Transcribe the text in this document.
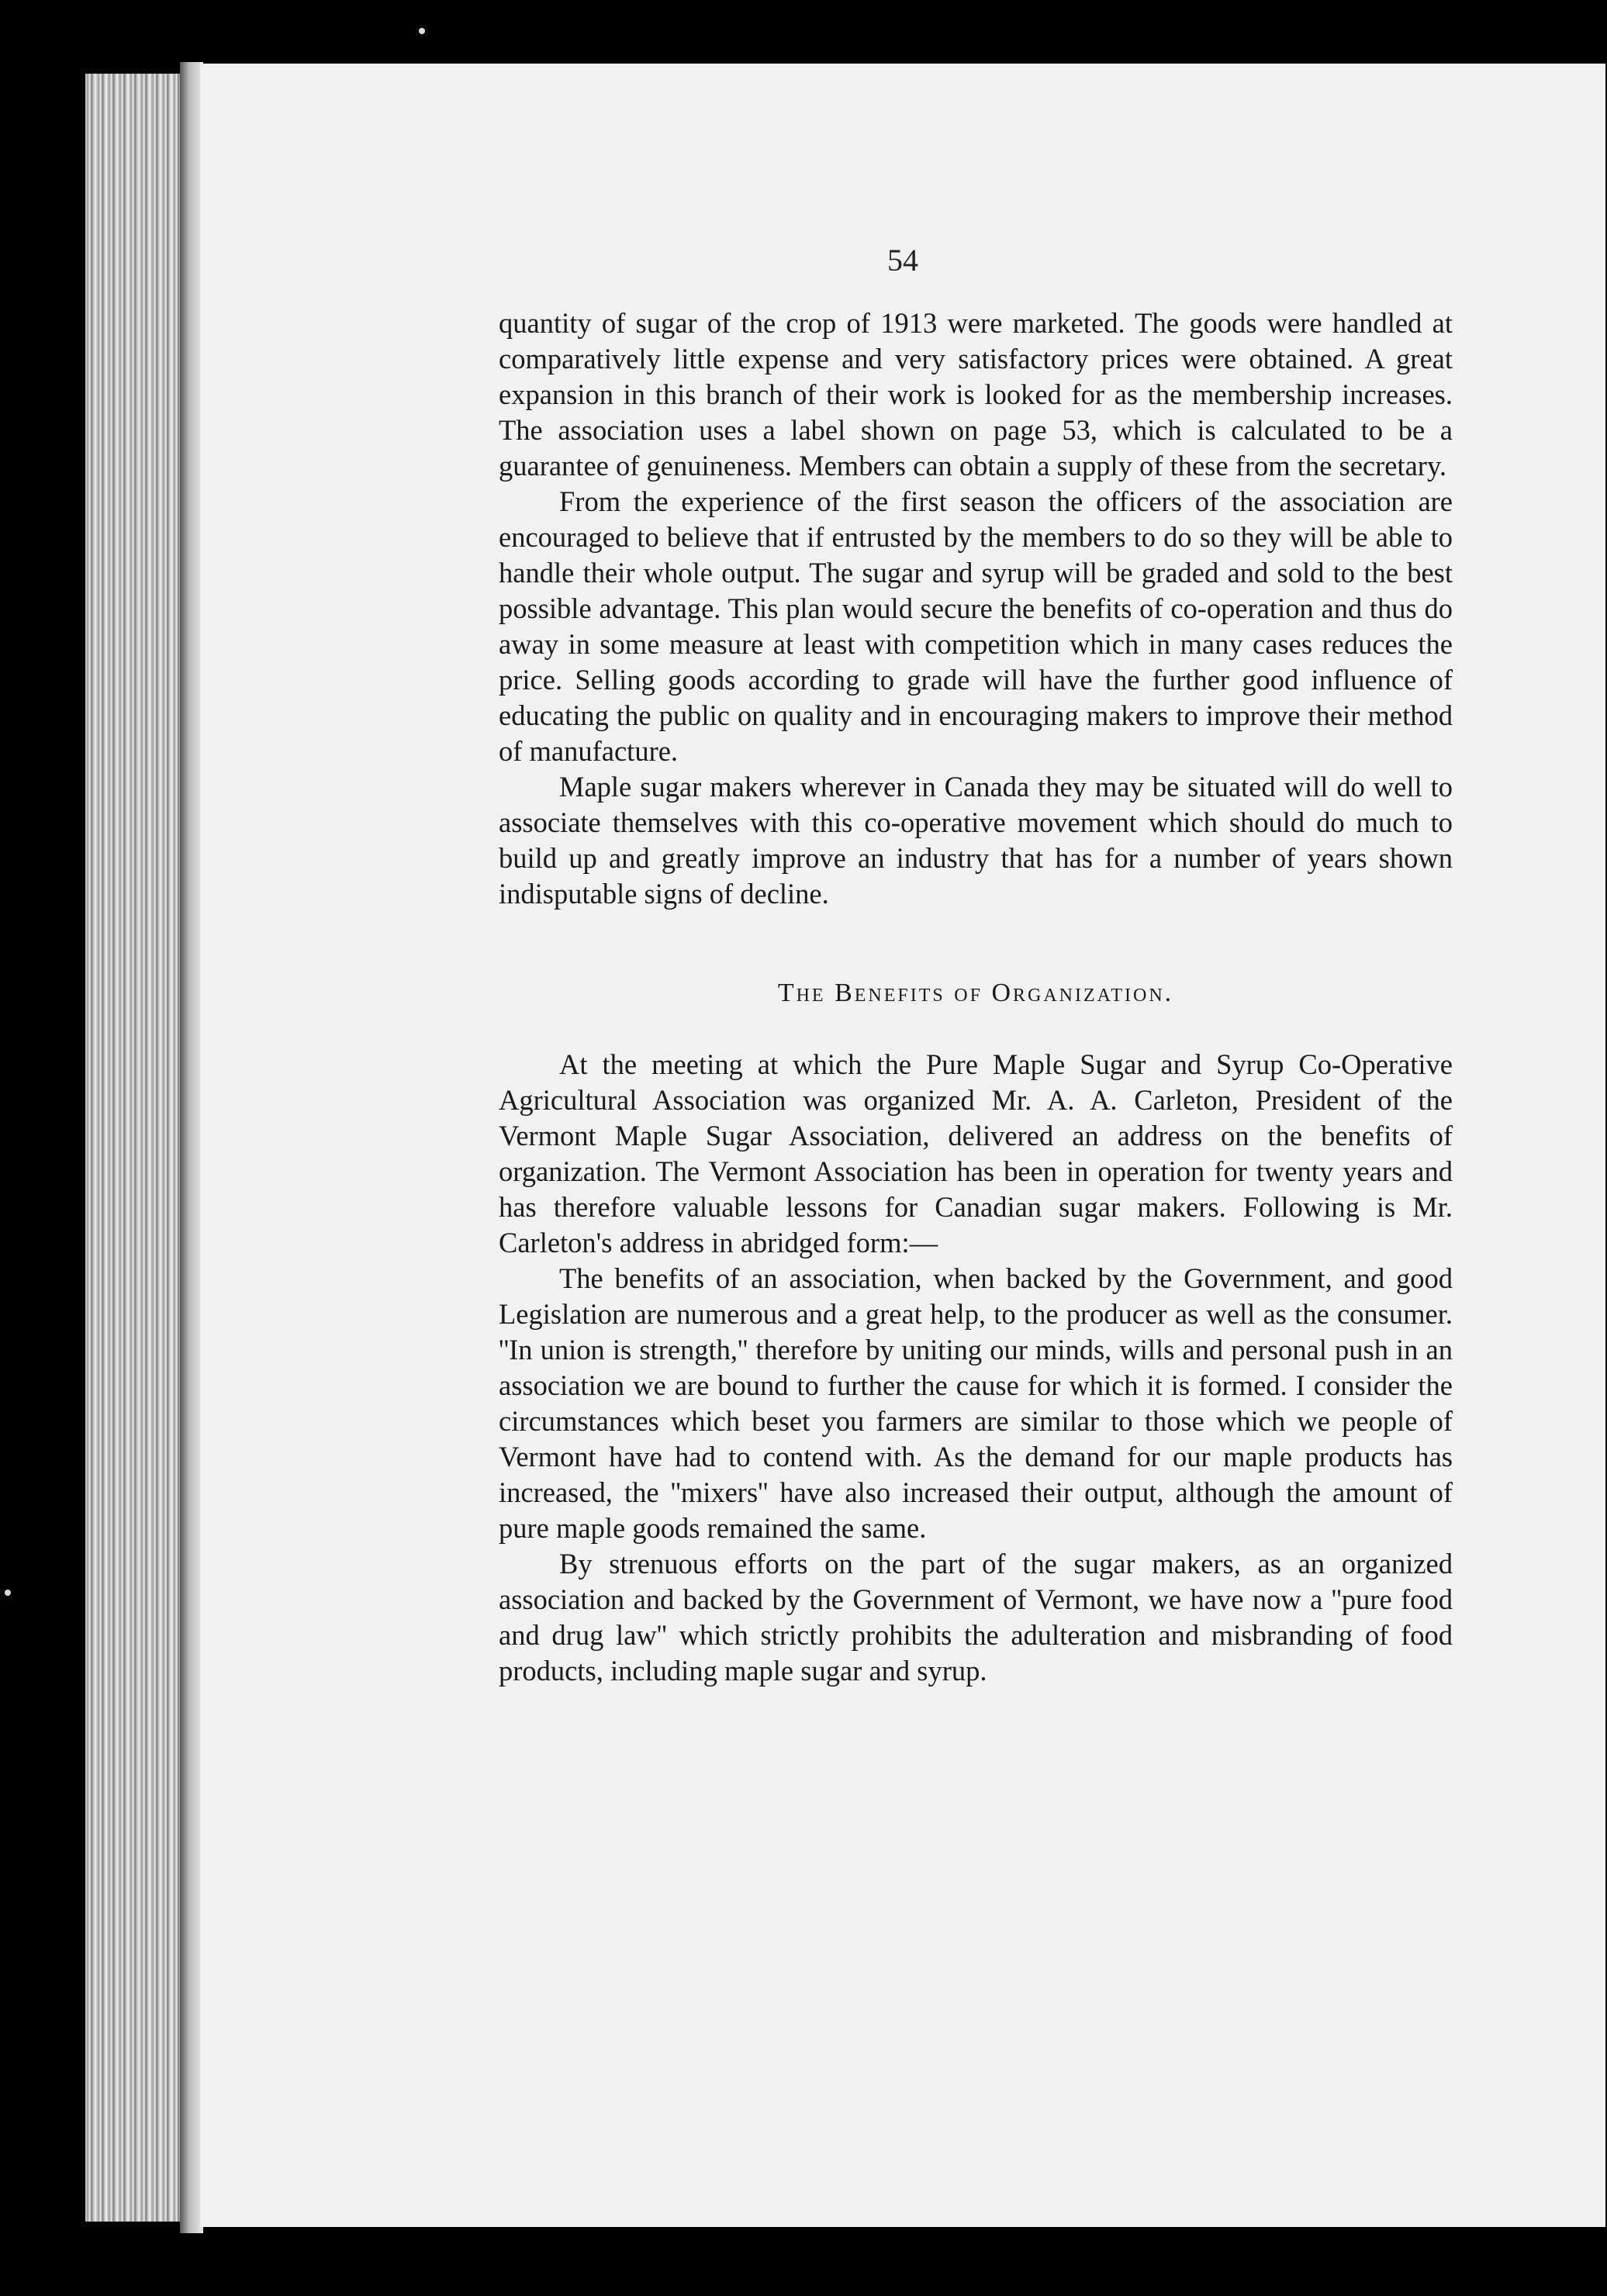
54

quantity of sugar of the crop of 1913 were marketed. The goods were handled at comparatively little expense and very satisfactory prices were obtained. A great expansion in this branch of their work is looked for as the membership increases. The association uses a label shown on page 53, which is calculated to be a guarantee of genuineness. Members can obtain a supply of these from the secretary.

From the experience of the first season the officers of the association are encouraged to believe that if entrusted by the members to do so they will be able to handle their whole output. The sugar and syrup will be graded and sold to the best possible advantage. This plan would secure the benefits of co-operation and thus do away in some measure at least with competition which in many cases reduces the price. Selling goods according to grade will have the further good influence of educating the public on quality and in encouraging makers to improve their method of manufacture.

Maple sugar makers wherever in Canada they may be situated will do well to associate themselves with this co-operative movement which should do much to build up and greatly improve an industry that has for a number of years shown indisputable signs of decline.

The Benefits of Organization.

At the meeting at which the Pure Maple Sugar and Syrup Co-Operative Agricultural Association was organized Mr. A. A. Carleton, President of the Vermont Maple Sugar Association, delivered an address on the benefits of organization. The Vermont Association has been in operation for twenty years and has therefore valuable lessons for Canadian sugar makers. Following is Mr. Carleton's address in abridged form:—

The benefits of an association, when backed by the Government, and good Legislation are numerous and a great help, to the producer as well as the consumer. ''In union is strength,'' therefore by uniting our minds, wills and personal push in an association we are bound to further the cause for which it is formed. I consider the circumstances which beset you farmers are similar to those which we people of Vermont have had to contend with. As the demand for our maple products has increased, the ''mixers'' have also increased their output, although the amount of pure maple goods remained the same.

By strenuous efforts on the part of the sugar makers, as an organized association and backed by the Government of Vermont, we have now a ''pure food and drug law'' which strictly prohibits the adulteration and misbranding of food products, including maple sugar and syrup.
